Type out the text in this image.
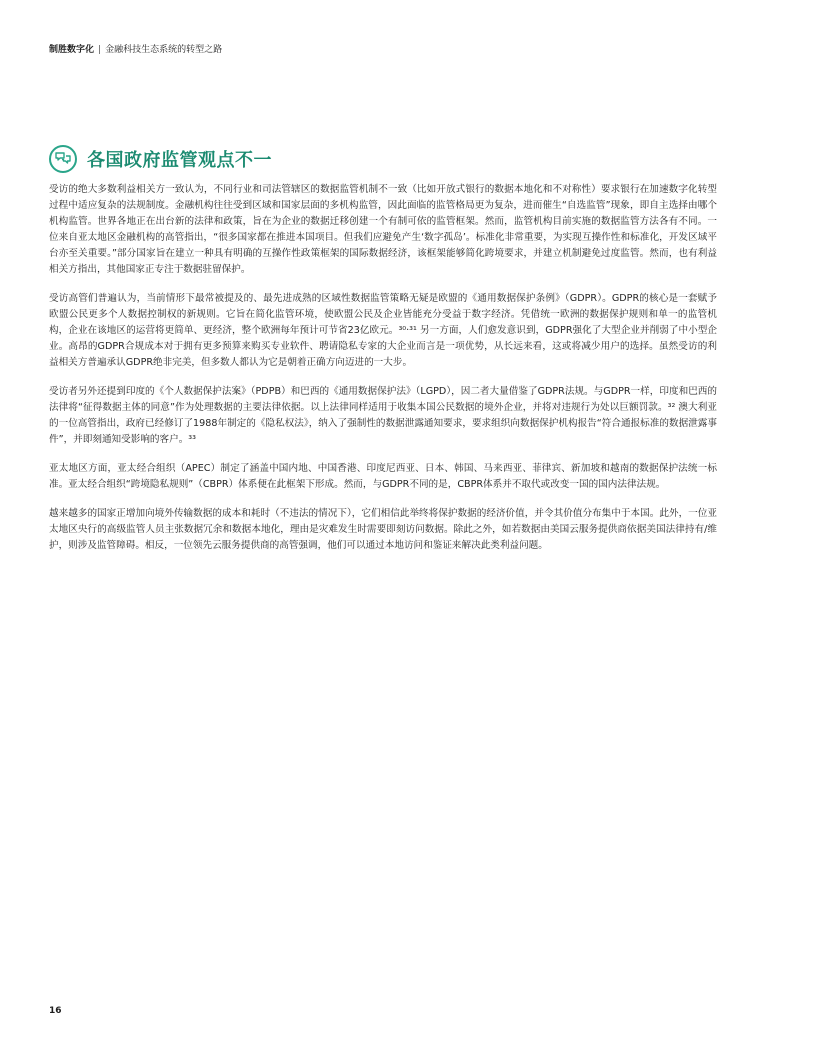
制胜数字化 | 金融科技生态系统的转型之路
各国政府监管观点不一

受访的绝大多数利益相关方一致认为，不同行业和司法管辖区的数据监管机制不一致（比如开放式银行的数据本地化和不对称性）要求银行在加速数字化转型过程中适应复杂的法规制度。金融机构往往受到区域和国家层面的多机构监管，因此面临的监管格局更为复杂，进而催生“自选监管”现象，即自主选择由哪个机构监管。世界各地正在出台新的法律和政策，旨在为企业的数据迁移创建一个有制可依的监管框架。然而，监管机构目前实施的数据监管方法各有不同。一位来自亚太地区金融机构的高管指出，“很多国家都在推进本国项目。但我们应避免产生‘数字孤岛’。标准化非常重要，为实现互操作性和标准化，开发区域平台亦至关重要。”部分国家旨在建立一种具有明确的互操作性政策框架的国际数据经济，该框架能够简化跨境要求，并建立机制避免过度监管。然而，也有利益相关方指出，其他国家正专注于数据驻留保护。

受访高管们普遍认为，当前情形下最常被提及的、最先进成熟的区域性数据监管策略无疑是欧盟的《通用数据保护条例》（GDPR）。GDPR的核心是一套赋予欧盟公民更多个人数据控制权的新规则。它旨在简化监管环境，使欧盟公民及企业皆能充分受益于数字经济。凭借统一欧洲的数据保护规则和单一的监管机构，企业在该地区的运营将更简单、更经济，整个欧洲每年预计可节省23亿欧元。³⁰·³¹ 另一方面，人们愈发意识到，GDPR强化了大型企业并削弱了中小型企业。高昂的GDPR合规成本对于拥有更多预算来购买专业软件、聘请隐私专家的大企业而言是一项优势，从长远来看，这或将减少用户的选择。虽然受访的利益相关方普遍承认GDPR绝非完美，但多数人都认为它是朝着正确方向迈进的一大步。

受访者另外还提到印度的《个人数据保护法案》（PDPB）和巴西的《通用数据保护法》（LGPD），因二者大量借鉴了GDPR法规。与GDPR一样，印度和巴西的法律将“征得数据主体的同意”作为处理数据的主要法律依据。以上法律同样适用于收集本国公民数据的境外企业，并将对违规行为处以巨额罚款。³² 澳大利亚的一位高管指出，政府已经修订了1988年制定的《隐私权法》，纳入了强制性的数据泄露通知要求，要求组织向数据保护机构报告“符合通报标准的数据泄露事件”，并即刻通知受影响的客户。³³

亚太地区方面，亚太经合组织（APEC）制定了涵盖中国内地、中国香港、印度尼西亚、日本、韩国、马来西亚、菲律宾、新加坡和越南的数据保护法统一标准。亚太经合组织“跨境隐私规则”（CBPR）体系便在此框架下形成。然而，与GDPR不同的是，CBPR体系并不取代或改变一国的国内法律法规。

越来越多的国家正增加向境外传输数据的成本和耗时（不违法的情况下），它们相信此举终将保护数据的经济价值，并令其价值分布集中于本国。此外，一位亚太地区央行的高级监管人员主张数据冗余和数据本地化，理由是灾难发生时需要即刻访问数据。除此之外，如若数据由美国云服务提供商依据美国法律持有/维护，则涉及监管障碍。相反，一位领先云服务提供商的高管强调，他们可以通过本地访问和鉴证来解决此类利益问题。

16
